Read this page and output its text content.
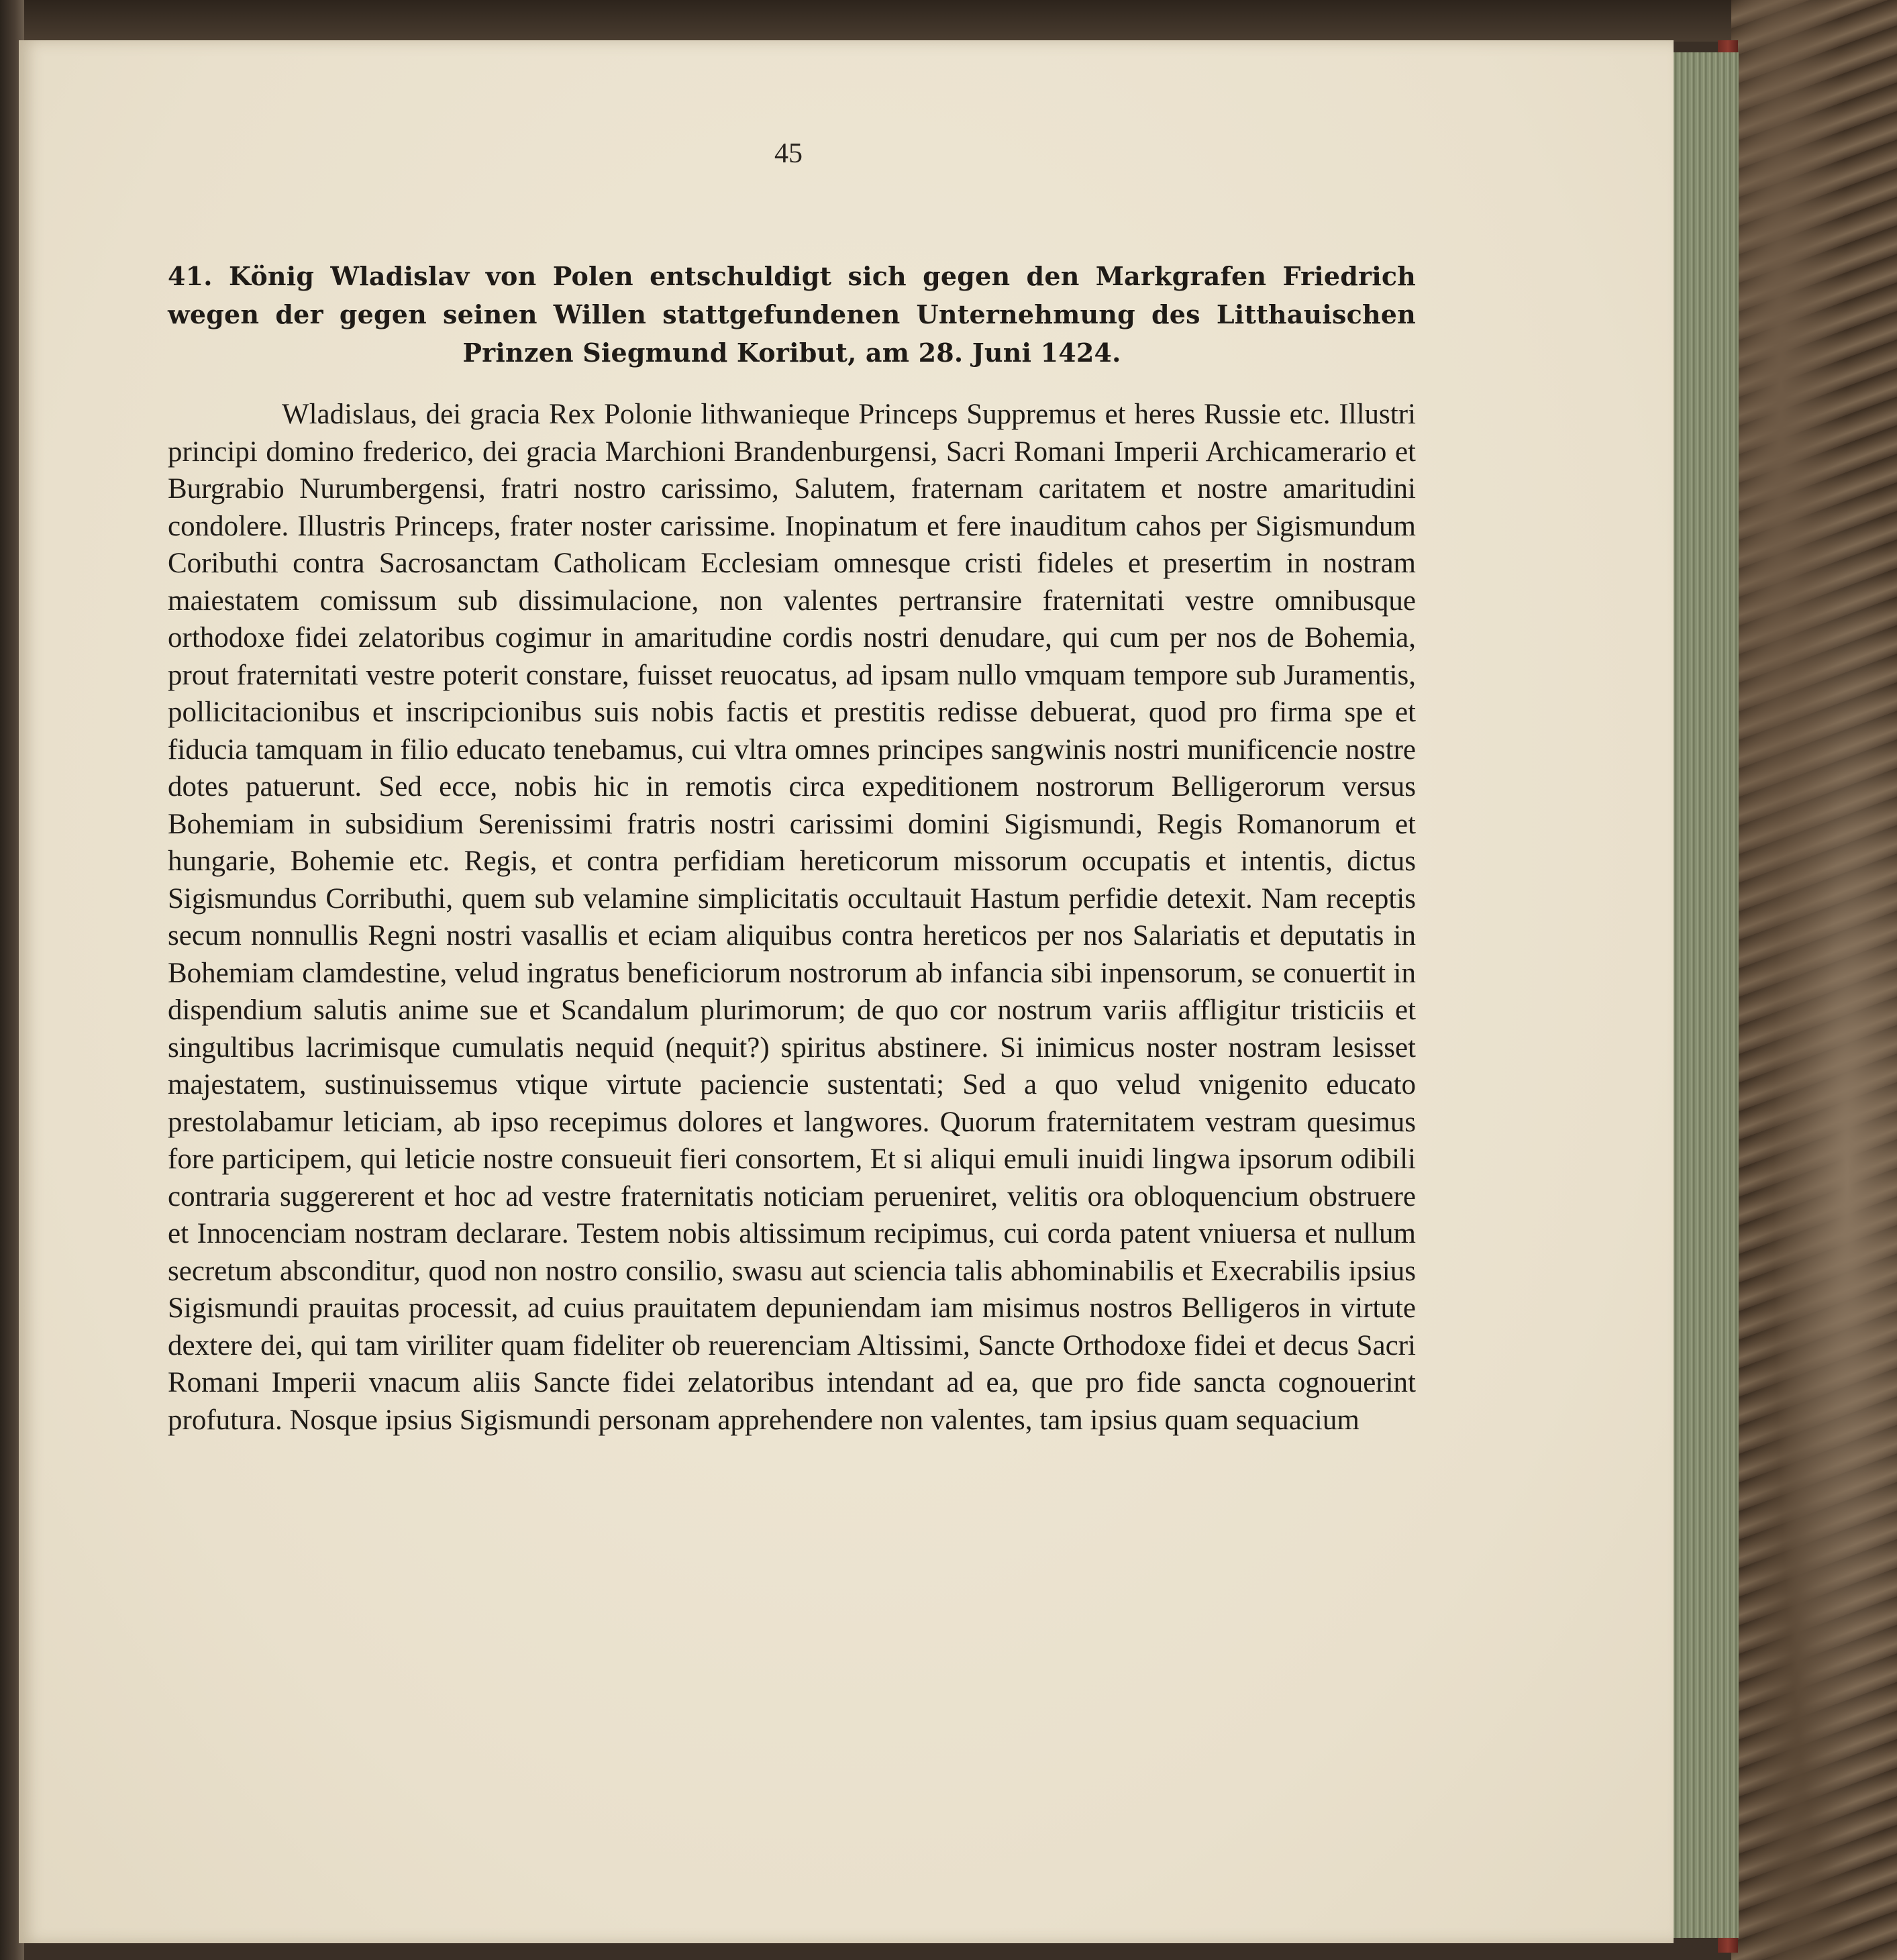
45

41. König Wladislav von Polen entschuldigt sich gegen den Markgrafen Friedrich wegen der gegen seinen Willen stattgefundenen Unternehmung des Litthauischen Prinzen Siegmund Koribut, am 28. Juni 1424.

Wladislaus, dei gracia Rex Polonie lithwanieque Princeps Suppremus et heres Russie etc. Illustri principi domino frederico, dei gracia Marchioni Brandenburgensi, Sacri Romani Imperii Archicamerario et Burgrabio Nurumbergensi, fratri nostro carissimo, Salutem, fraternam caritatem et nostre amaritudini condolere. Illustris Princeps, frater noster carissime. Inopinatum et fere inauditum cahos per Sigismundum Coributhi contra Sacrosanctam Catholicam Ecclesiam omnesque cristi fideles et presertim in nostram maiestatem comissum sub dissimulacione, non valentes pertransire fraternitati vestre omnibusque orthodoxe fidei zelatoribus cogimur in amaritudine cordis nostri denudare, qui cum per nos de Bohemia, prout fraternitati vestre poterit constare, fuisset reuocatus, ad ipsam nullo vmquam tempore sub Juramentis, pollicitacionibus et inscripcionibus suis nobis factis et prestitis redisse debuerat, quod pro firma spe et fiducia tamquam in filio educato tenebamus, cui vltra omnes principes sangwinis nostri munificencie nostre dotes patuerunt. Sed ecce, nobis hic in remotis circa expeditionem nostrorum Belligerorum versus Bohemiam in subsidium Serenissimi fratris nostri carissimi domini Sigismundi, Regis Romanorum et hungarie, Bohemie etc. Regis, et contra perfidiam hereticorum missorum occupatis et intentis, dictus Sigismundus Corributhi, quem sub velamine simplicitatis occultauit Hastum perfidie detexit. Nam receptis secum nonnullis Regni nostri vasallis et eciam aliquibus contra hereticos per nos Salariatis et deputatis in Bohemiam clamdestine, velud ingratus beneficiorum nostrorum ab infancia sibi inpensorum, se conuertit in dispendium salutis anime sue et Scandalum plurimorum; de quo cor nostrum variis affligitur tristiciis et singultibus lacrimisque cumulatis nequid (nequit?) spiritus abstinere. Si inimicus noster nostram lesisset majestatem, sustinuissemus vtique virtute paciencie sustentati; Sed a quo velud vnigenito educato prestolabamur leticiam, ab ipso recepimus dolores et langwores. Quorum fraternitatem vestram quesimus fore participem, qui leticie nostre consueuit fieri consortem, Et si aliqui emuli inuidi lingwa ipsorum odibili contraria suggererent et hoc ad vestre fraternitatis noticiam perueniret, velitis ora obloquencium obstruere et Innocenciam nostram declarare. Testem nobis altissimum recipimus, cui corda patent vniuersa et nullum secretum absconditur, quod non nostro consilio, swasu aut sciencia talis abhominabilis et Execrabilis ipsius Sigismundi prauitas processit, ad cuius prauitatem depuniendam iam misimus nostros Belligeros in virtute dextere dei, qui tam viriliter quam fideliter ob reuerenciam Altissimi, Sancte Orthodoxe fidei et decus Sacri Romani Imperii vnacum aliis Sancte fidei zelatoribus intendant ad ea, que pro fide sancta cognouerint profutura. Nosque ipsius Sigismundi personam apprehendere non valentes, tam ipsius quam sequacium
